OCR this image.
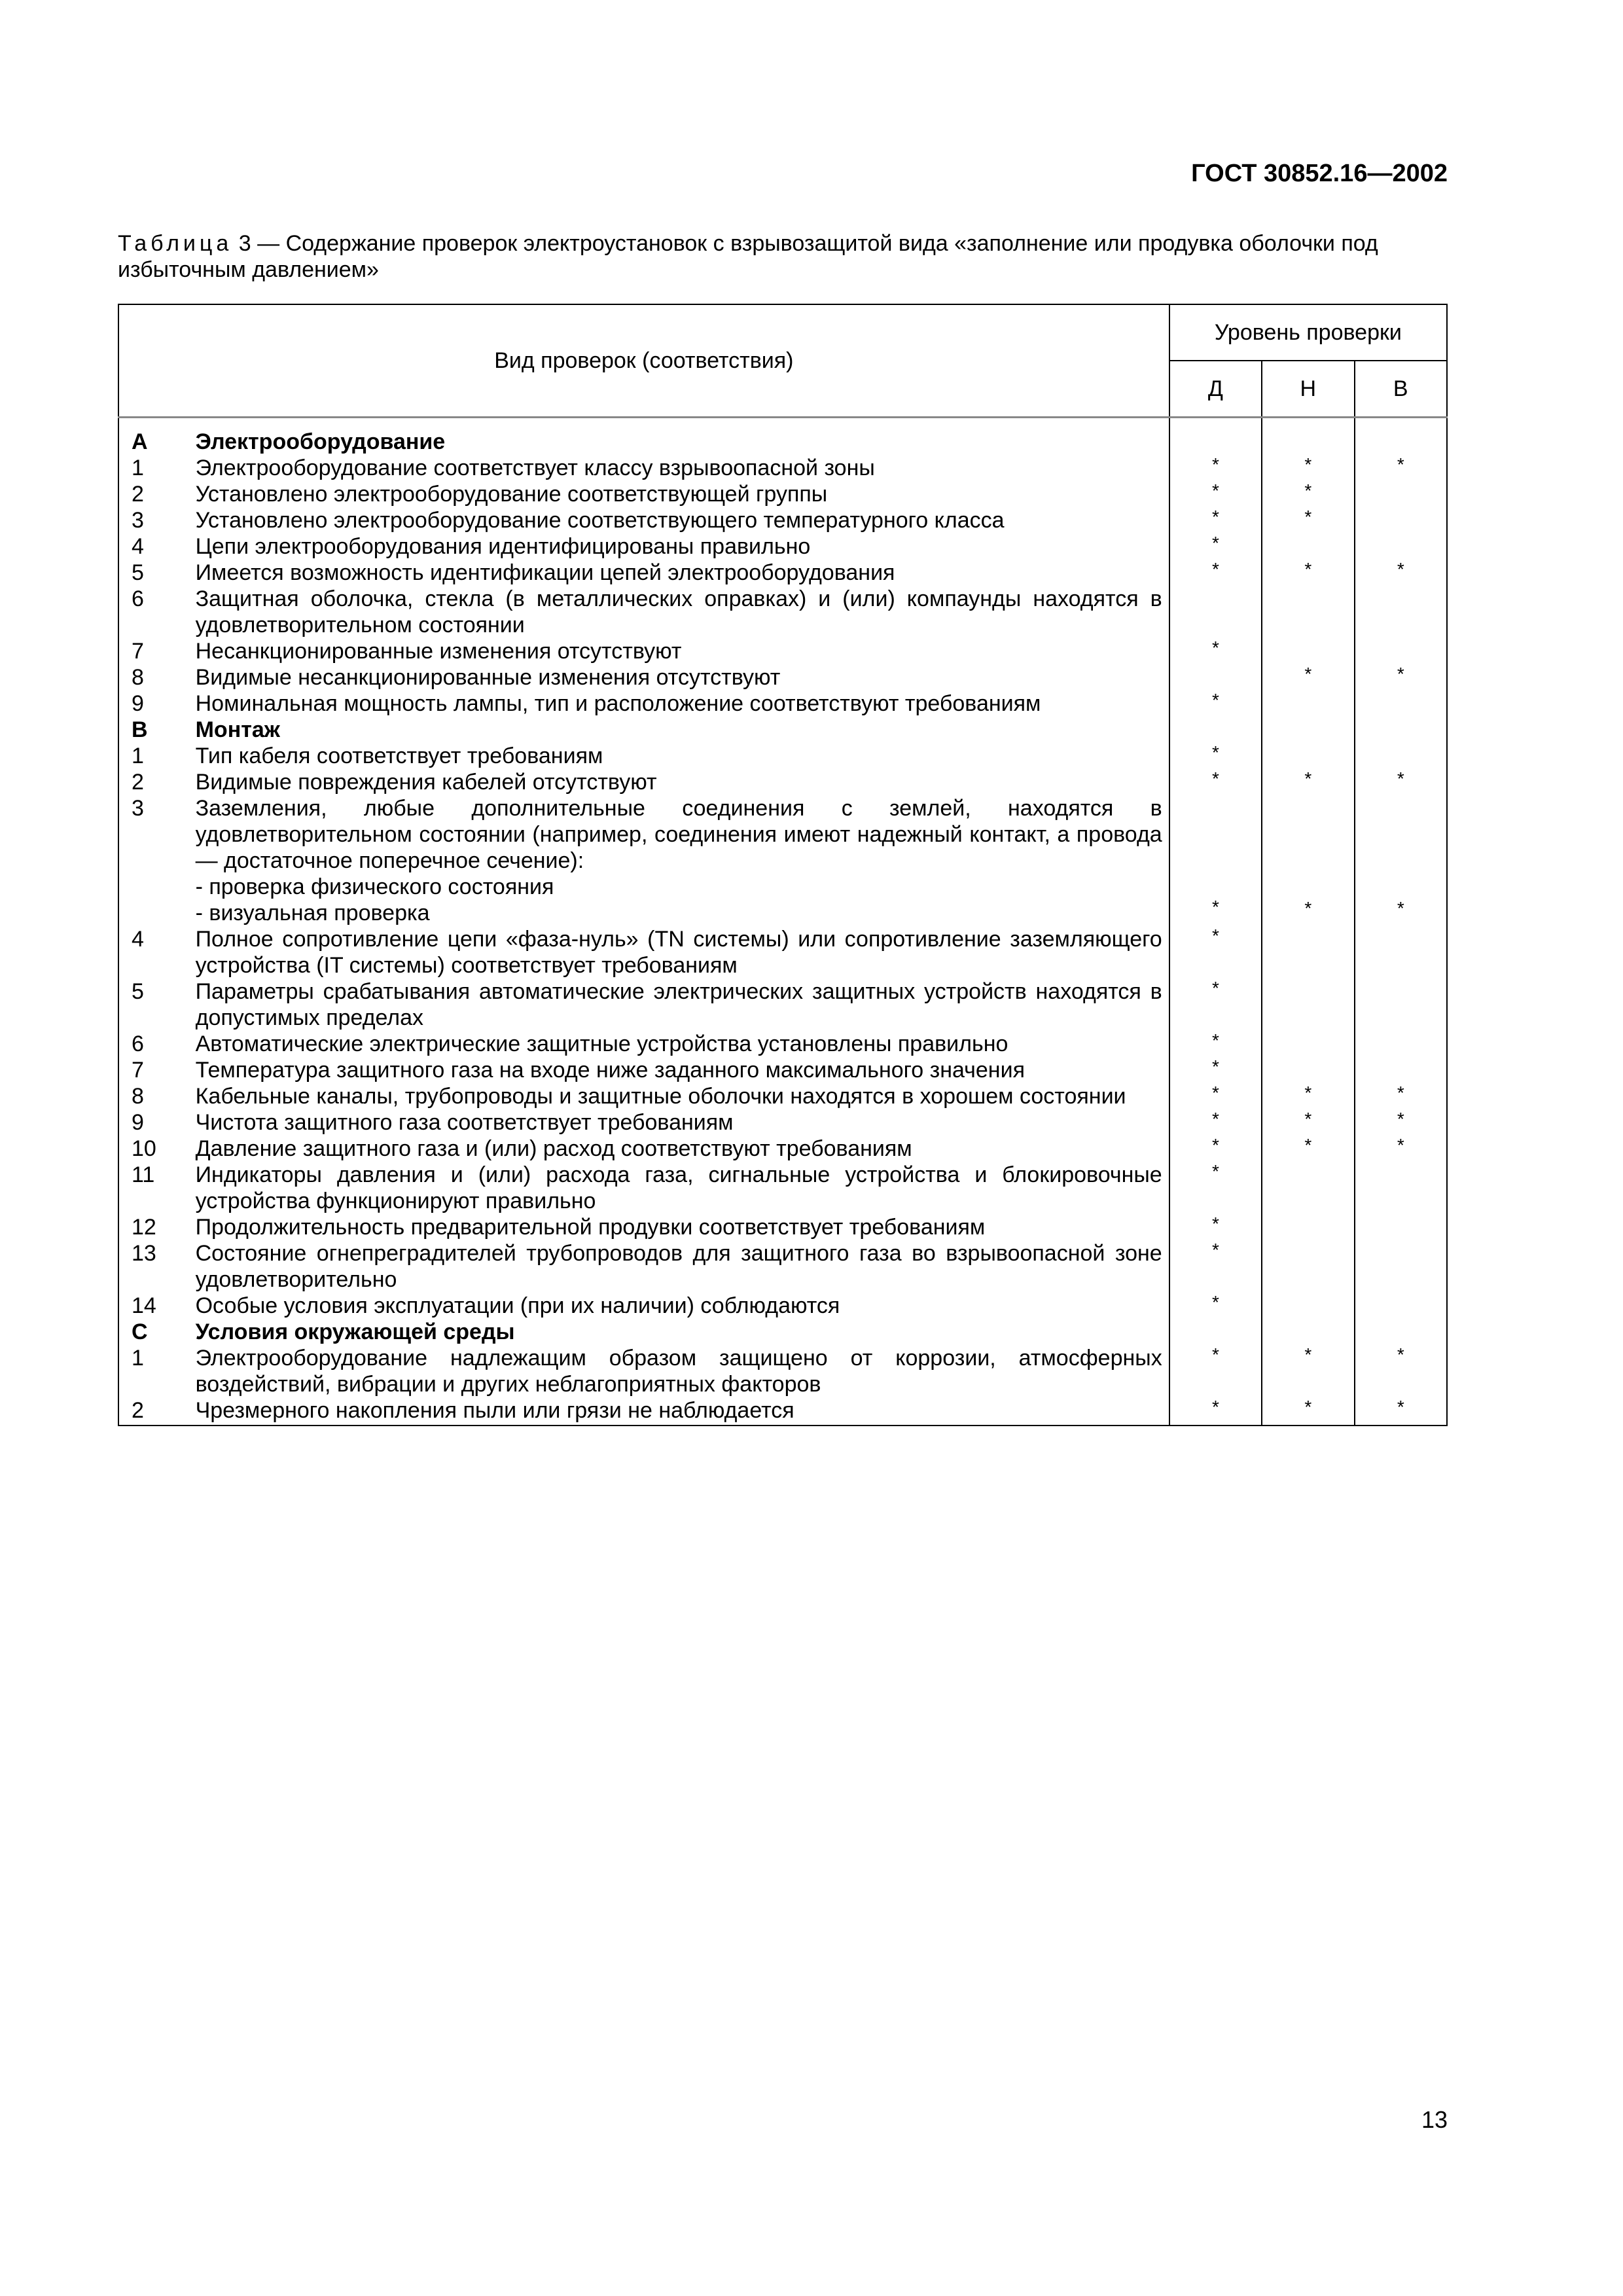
ГОСТ 30852.16—2002
Таблица 3 — Содержание проверок электроустановок с взрывозащитой вида «заполнение или продувка оболочки под избыточным давлением»
Вид проверок (соответствия)		Уровень проверки		
		Д	Н	В
А	Электрооборудование			
1	Электрооборудование соответствует классу взрывоопасной зоны	*	*	*

2	Установлено электрооборудование соответствующей группы	*	*	

3	Установлено электрооборудование соответствующего температурного класса	*	*	

4	Цепи электрооборудования идентифицированы правильно	*		

5	Имеется возможность идентификации цепей электрооборудования	*	*	*

6	Защитная оболочка, стекла (в металлических оправках) и (или) компаунды находятся в удовлетворительном состоянии	

7	Несанкционированные изменения отсутствуют	*		

8	Видимые несанкционированные изменения отсутствуют		*	*

9	Номинальная мощность лампы, тип и расположение соответствуют требованиям	*		

В	Монтаж			
1	Тип кабеля соответствует требованиям	*		

2	Видимые повреждения кабелей отсутствуют	*	*	*

3	Заземления, любые дополнительные соединения с землей, находятся в удовлетворительном состоянии (например, соединения имеют надежный контакт, а провода — достаточное поперечное сечение):
- проверка физического состояния
- визуальная проверка	*	*	*

4	Полное сопротивление цепи «фаза-нуль» (TN системы) или сопротивление заземляющего устройства (IT системы) соответствует требованиям	*		

5	Параметры срабатывания автоматические электрических защитных устройств находятся в допустимых пределах	*		

6	Автоматические электрические защитные устройства установлены правильно	*		

7	Температура защитного газа на входе ниже заданного максимального значения	*		

8	Кабельные каналы, трубопроводы и защитные оболочки находятся в хорошем состоянии	*	*	*

9	Чистота защитного газа соответствует требованиям	*	*	*

10	Давление защитного газа и (или) расход соответствуют требованиям	*	*	*

11	Индикаторы давления и (или) расхода газа, сигнальные устройства и блокировочные устройства функционируют правильно	*		

12	Продолжительность предварительной продувки соответствует требованиям	*		

13	Состояние огнепреградителей трубопроводов для защитного газа во взрывоопасной зоне удовлетворительно	*		

14	Особые условия эксплуатации (при их наличии) соблюдаются	*		

С	Условия окружающей среды			
1	Электрооборудование надлежащим образом защищено от коррозии, атмосферных воздействий, вибрации и других неблагоприятных факторов	*	*	*

2	Чрезмерного накопления пыли или грязи не наблюдается	*	*	*
13
